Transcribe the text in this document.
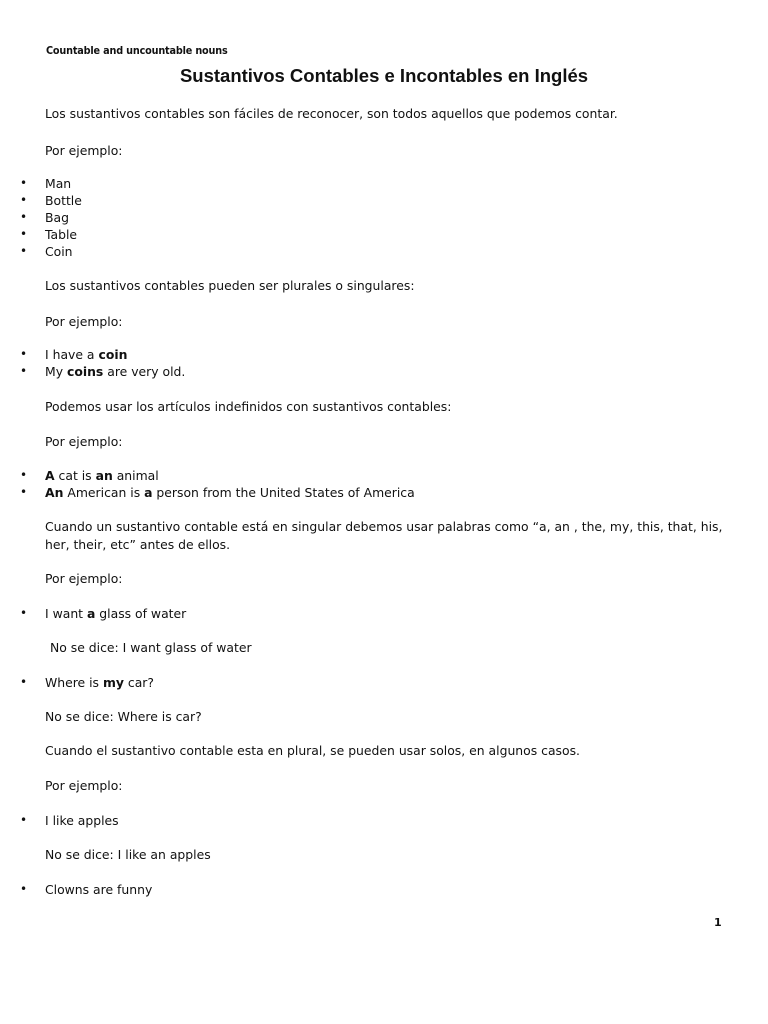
Countable and uncountable nouns
Sustantivos Contables e Incontables en Inglés
Los sustantivos contables son fáciles de reconocer, son todos aquellos que podemos contar.
Por ejemplo:
• Man
• Bottle
• Bag
• Table
• Coin
Los sustantivos contables pueden ser plurales o singulares:
Por ejemplo:
• I have a coin
• My coins are very old.
Podemos usar los artículos indefinidos con sustantivos contables:
Por ejemplo:
• A cat is an animal
• An American is a person from the United States of America
Cuando un sustantivo contable está en singular debemos usar palabras como “a, an , the, my, this, that, his, her, their, etc” antes de ellos.
Por ejemplo:
• I want a glass of water
No se dice: I want glass of water
• Where is my car?
No se dice: Where is car?
Cuando el sustantivo contable esta en plural, se pueden usar solos, en algunos casos.
Por ejemplo:
• I like apples
No se dice: I like an apples
• Clowns are funny
1
